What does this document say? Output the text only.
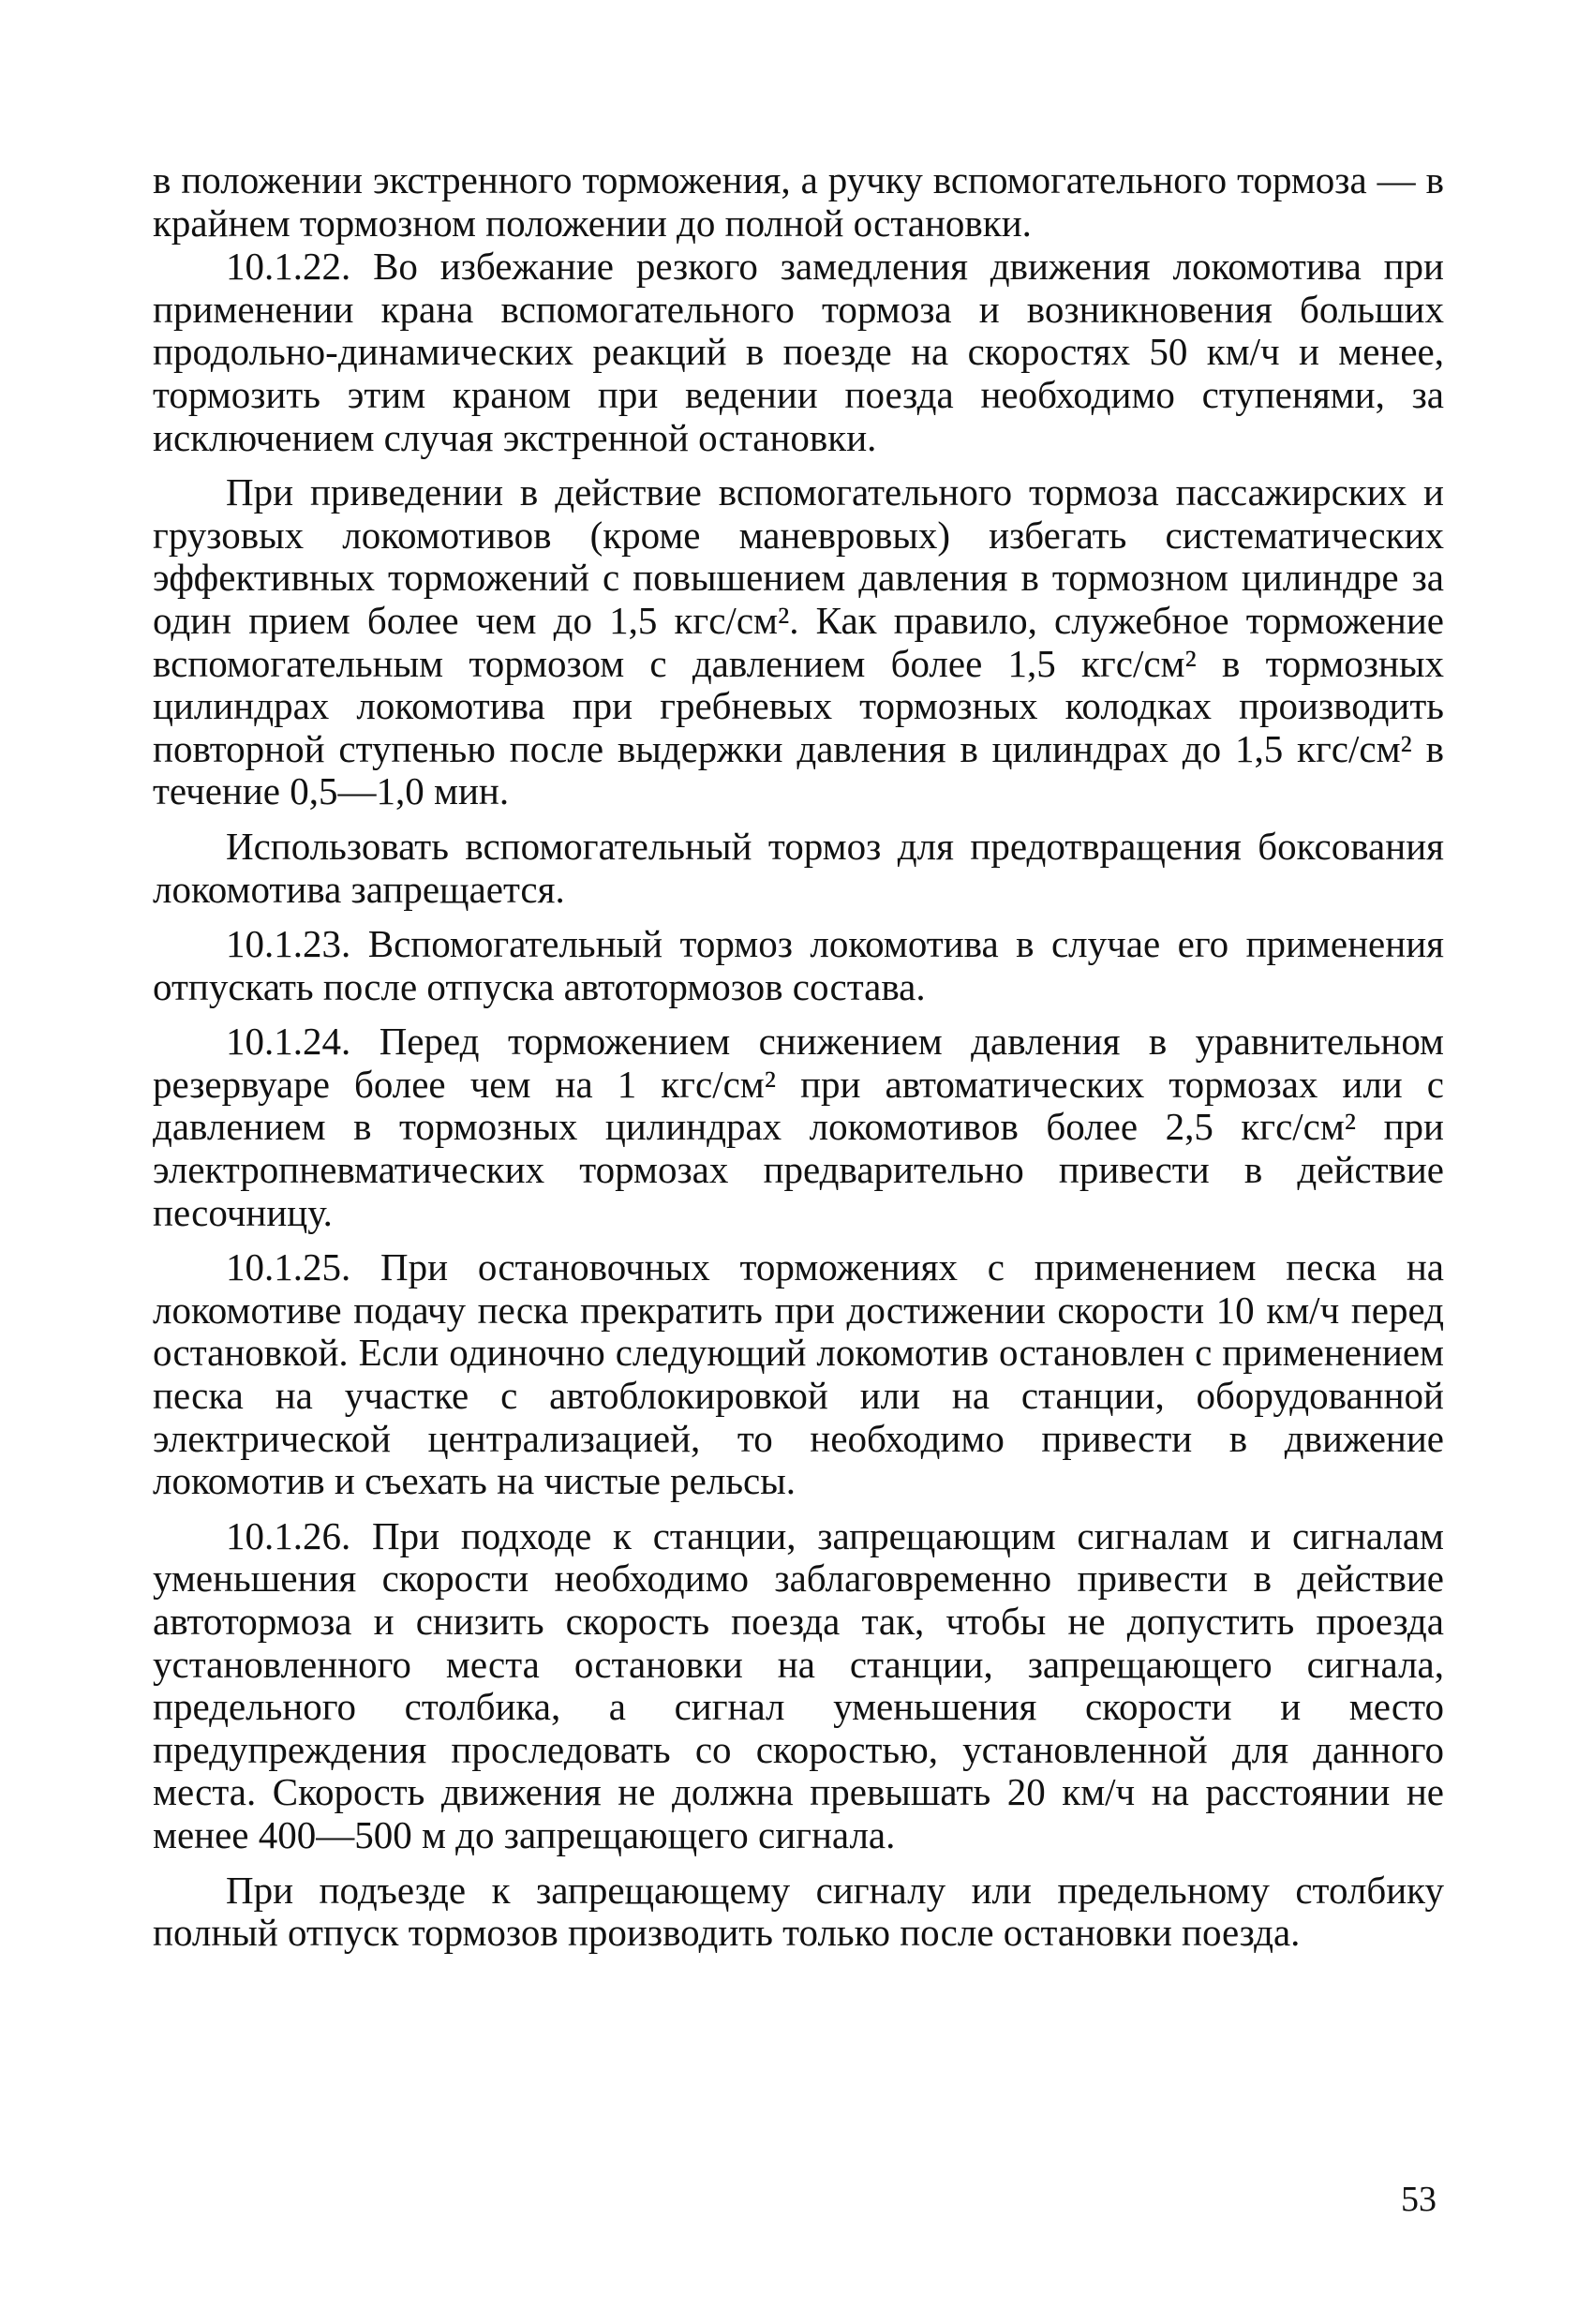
в положении экстренного торможения, а ручку вспомогательного тормоза — в крайнем тормозном положении до полной остановки.

10.1.22. Во избежание резкого замедления движения локомотива при применении крана вспомогательного тормоза и возникновения больших продольно-динамических реакций в поезде на скоростях 50 км/ч и менее, тормозить этим краном при ведении поезда необходимо ступенями, за исключением случая экстренной остановки.

При приведении в действие вспомогательного тормоза пассажирских и грузовых локомотивов (кроме маневровых) избегать систематических эффективных торможений с повышением давления в тормозном цилиндре за один прием более чем до 1,5 кгс/см². Как правило, служебное торможение вспомогательным тормозом с давлением более 1,5 кгс/см² в тормозных цилиндрах локомотива при гребневых тормозных колодках производить повторной ступенью после выдержки давления в цилиндрах до 1,5 кгс/см² в течение 0,5—1,0 мин.

Использовать вспомогательный тормоз для предотвращения боксования локомотива запрещается.

10.1.23. Вспомогательный тормоз локомотива в случае его применения отпускать после отпуска автотормозов состава.

10.1.24. Перед торможением снижением давления в уравнительном резервуаре более чем на 1 кгс/см² при автоматических тормозах или с давлением в тормозных цилиндрах локомотивов более 2,5 кгс/см² при электропневматических тормозах предварительно привести в действие песочницу.

10.1.25. При остановочных торможениях с применением песка на локомотиве подачу песка прекратить при достижении скорости 10 км/ч перед остановкой. Если одиночно следующий локомотив остановлен с применением песка на участке с автоблокировкой или на станции, оборудованной электрической централизацией, то необходимо привести в движение локомотив и съехать на чистые рельсы.

10.1.26. При подходе к станции, запрещающим сигналам и сигналам уменьшения скорости необходимо заблаговременно привести в действие автотормоза и снизить скорость поезда так, чтобы не допустить проезда установленного места остановки на станции, запрещающего сигнала, предельного столбика, а сигнал уменьшения скорости и место предупреждения проследовать со скоростью, установленной для данного места. Скорость движения не должна превышать 20 км/ч на расстоянии не менее 400—500 м до запрещающего сигнала.

При подъезде к запрещающему сигналу или предельному столбику полный отпуск тормозов производить только после остановки поезда.

53
